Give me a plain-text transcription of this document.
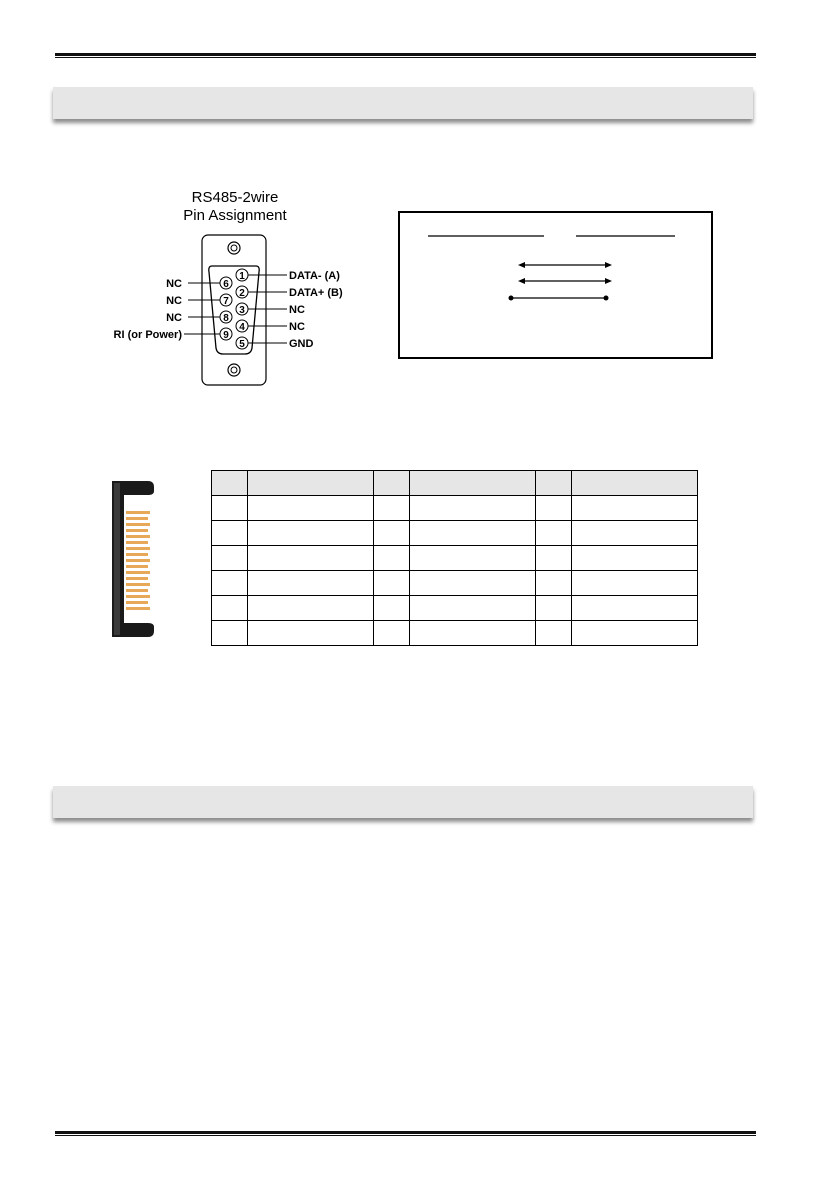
RS485-2wire
Pin Assignment
1
2
3
4
5
6
7
8
9
DATA- (A)
DATA+ (B)
NC
NC
GND
NC
NC
NC
RI (or Power)
